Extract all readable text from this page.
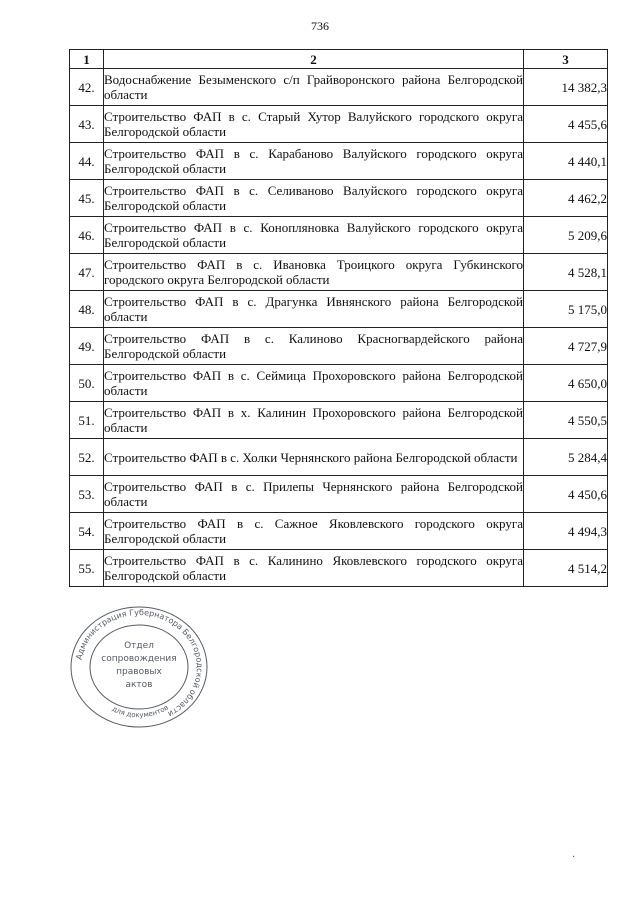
736
1	2	3
42.	Водоснабжение Безыменского с/п Грайворонского района Белгородской области	14 382,3
43.	Строительство ФАП в с. Старый Хутор Валуйского городского округа Белгородской области	4 455,6
44.	Строительство ФАП в с. Карабаново Валуйского городского округа Белгородской области	4 440,1
45.	Строительство ФАП в с. Селиваново Валуйского городского округа Белгородской области	4 462,2
46.	Строительство ФАП в с. Конопляновка Валуйского городского округа Белгородской области	5 209,6
47.	Строительство ФАП в с. Ивановка Троицкого округа Губкинского городского округа Белгородской области	4 528,1
48.	Строительство ФАП в с. Драгунка Ивнянского района Белгородской области	5 175,0
49.	Строительство ФАП в с. Калиново Красногвардейского района Белгородской области	4 727,9
50.	Строительство ФАП в с. Сеймица Прохоровского района Белгородской области	4 650,0
51.	Строительство ФАП в х. Калинин Прохоровского района Белгородской области	4 550,5
52.	Строительство ФАП в с. Холки Чернянского района Белгородской области	5 284,4
53.	Строительство ФАП в с. Прилепы Чернянского района Белгородской области	4 450,6
54.	Строительство ФАП в с. Сажное Яковлевского городского округа Белгородской области	4 494,3
55.	Строительство ФАП в с. Калинино Яковлевского городского округа Белгородской области	4 514,2
Администрация Губернатора Белгородской области
для документов
Отдел
сопровождения
правовых
актов
·
